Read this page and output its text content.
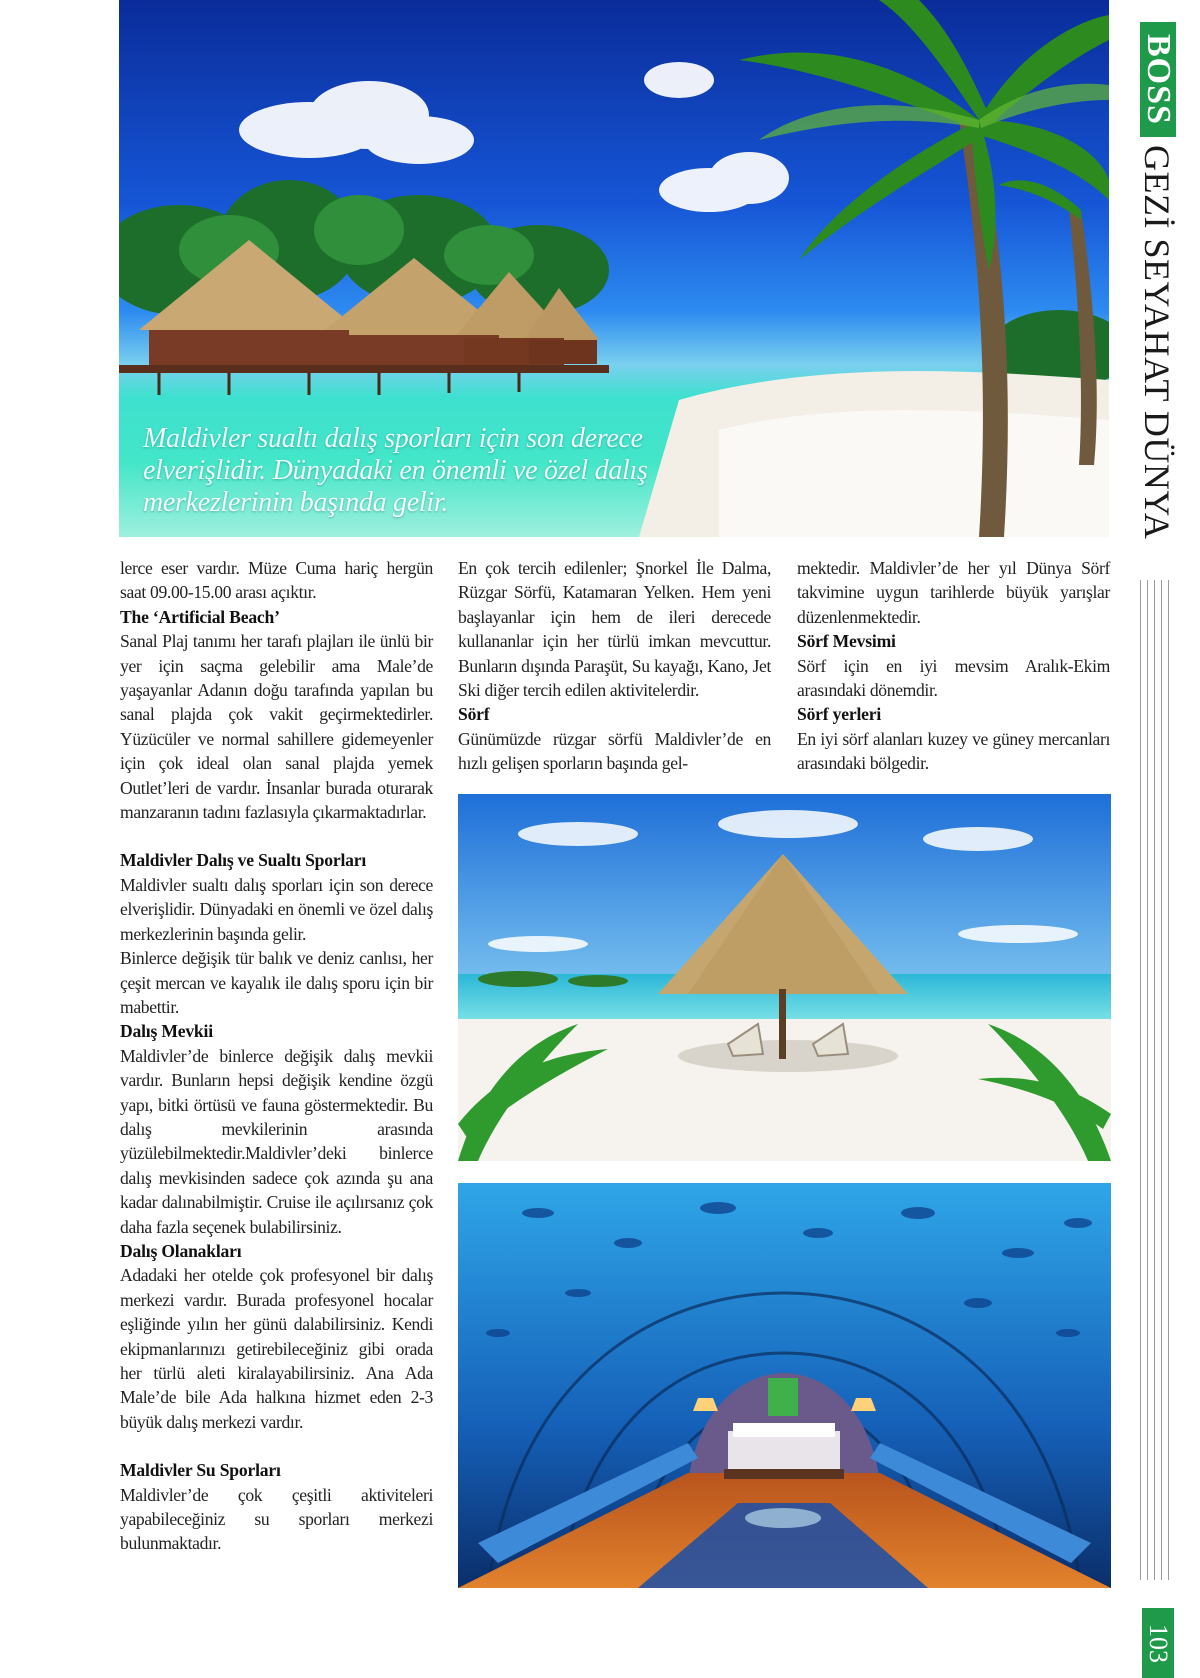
Maldivler sualtı dalış sporları için son derece elverişlidir. Dünyadaki en önemli ve özel dalış merkezlerinin başında gelir.

BOSS
GEZİ SEYAHAT DÜNYA
103

lerce eser vardır. Müze Cuma hariç hergün saat 09.00-15.00 arası açıktır.

The ‘Artificial Beach’

Sanal Plaj tanımı her tarafı plajları ile ünlü bir yer için saçma gelebilir ama Male’de yaşayanlar Adanın doğu tarafında yapılan bu sanal plajda çok vakit geçirmektedirler. Yüzücüler ve normal sahillere gidemeyenler için çok ideal olan sanal plajda yemek Outlet’leri de vardır. İnsanlar burada oturarak manzaranın tadını fazlasıyla çıkarmaktadırlar.

Maldivler Dalış ve Sualtı Sporları

Maldivler sualtı dalış sporları için son derece elverişlidir. Dünyadaki en önemli ve özel dalış merkezlerinin başında gelir.

Binlerce değişik tür balık ve deniz canlısı, her çeşit mercan ve kayalık ile dalış sporu için bir mabettir.

Dalış Mevkii

Maldivler’de binlerce değişik dalış mevkii vardır. Bunların hepsi değişik kendine özgü yapı, bitki örtüsü ve fauna göstermektedir. Bu dalış mevkilerinin arasında yüzülebilmektedir.Maldivler’deki binlerce dalış mevkisinden sadece çok azında şu ana kadar dalınabilmiştir. Cruise ile açılırsanız çok daha fazla seçenek bulabilirsiniz.

Dalış Olanakları

Adadaki her otelde çok profesyonel bir dalış merkezi vardır. Burada profesyonel hocalar eşliğinde yılın her günü dalabilirsiniz. Kendi ekipmanlarınızı getirebileceğiniz gibi orada her türlü aleti kiralayabilirsiniz. Ana Ada Male’de bile Ada halkına hizmet eden 2-3 büyük dalış merkezi vardır.

Maldivler Su Sporları

Maldivler’de çok çeşitli aktiviteleri yapabileceğiniz su sporları merkezi bulunmaktadır.

En çok tercih edilenler; Şnorkel İle Dalma, Rüzgar Sörfü, Katamaran Yelken. Hem yeni başlayanlar için hem de ileri derecede kullananlar için her türlü imkan mevcuttur. Bunların dışında Paraşüt, Su kayağı, Kano, Jet Ski diğer tercih edilen aktivitelerdir.

Sörf

Günümüzde rüzgar sörfü Maldivler’de en hızlı gelişen sporların başında gel-

mektedir. Maldivler’de her yıl Dünya Sörf takvimine uygun tarihlerde büyük yarışlar düzenlenmektedir.

Sörf Mevsimi

Sörf için en iyi mevsim Aralık-Ekim arasındaki dönemdir.

Sörf yerleri

En iyi sörf alanları kuzey ve güney mercanları arasındaki bölgedir.
